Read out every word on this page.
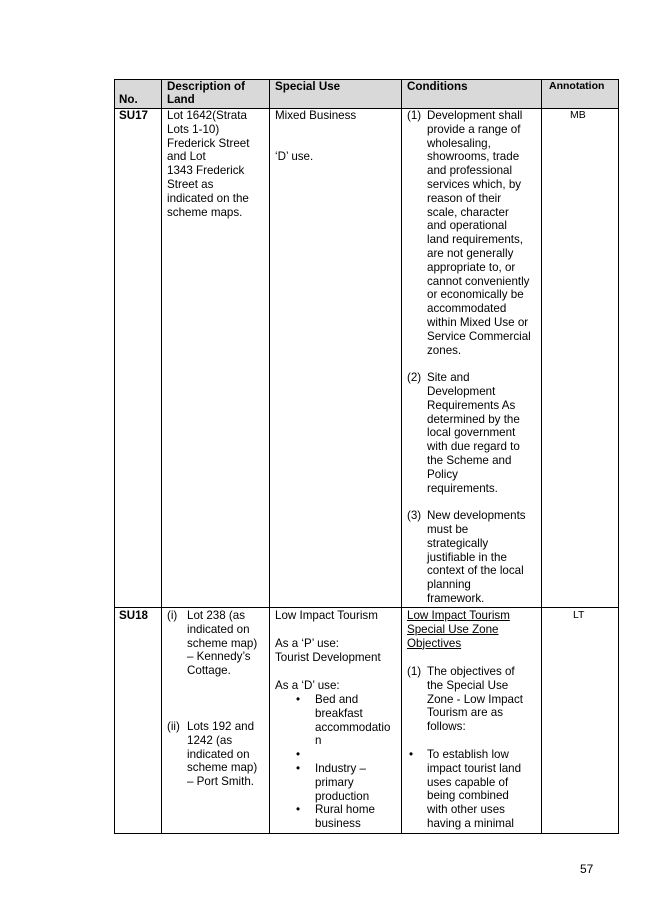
No.
Description of
Land
Special Use	Conditions	Annotation
SU17 Lot 1642(Strata
Lots 1-10)
Frederick Street
and Lot
1343 Frederick
Street as
indicated on the
scheme maps.
Mixed Business
‘D’ use.
(1) Development shall
provide a range of
wholesaling,
showrooms, trade
and professional
services which, by
reason of their
scale, character
and operational
land requirements,
are not generally
appropriate to, or
cannot conveniently
or economically be
accommodated
within Mixed Use or
Service Commercial
zones.
(2) Site and
Development
Requirements As
determined by the
local government
with due regard to
the Scheme and
Policy
requirements.
(3) New developments
must be
strategically
justifiable in the
context of the local
planning
framework.
MB
SU18 (i) Lot 238 (as
indicated on
scheme map)
– Kennedy’s
Cottage.
(ii) Lots 192 and
1242 (as
indicated on
scheme map)
– Port Smith.
Low Impact Tourism
As a ‘P’ use:
Tourist Development
As a ‘D’ use:
• Bed and
breakfast
accommodatio
n
•
• Industry –
primary
production
• Rural home
business
Low Impact Tourism
Special Use Zone
Objectives
(1) The objectives of
the Special Use
Zone - Low Impact
Tourism are as
follows:
• To establish low
impact tourist land
uses capable of
being combined
with other uses
having a minimal
LT
57
